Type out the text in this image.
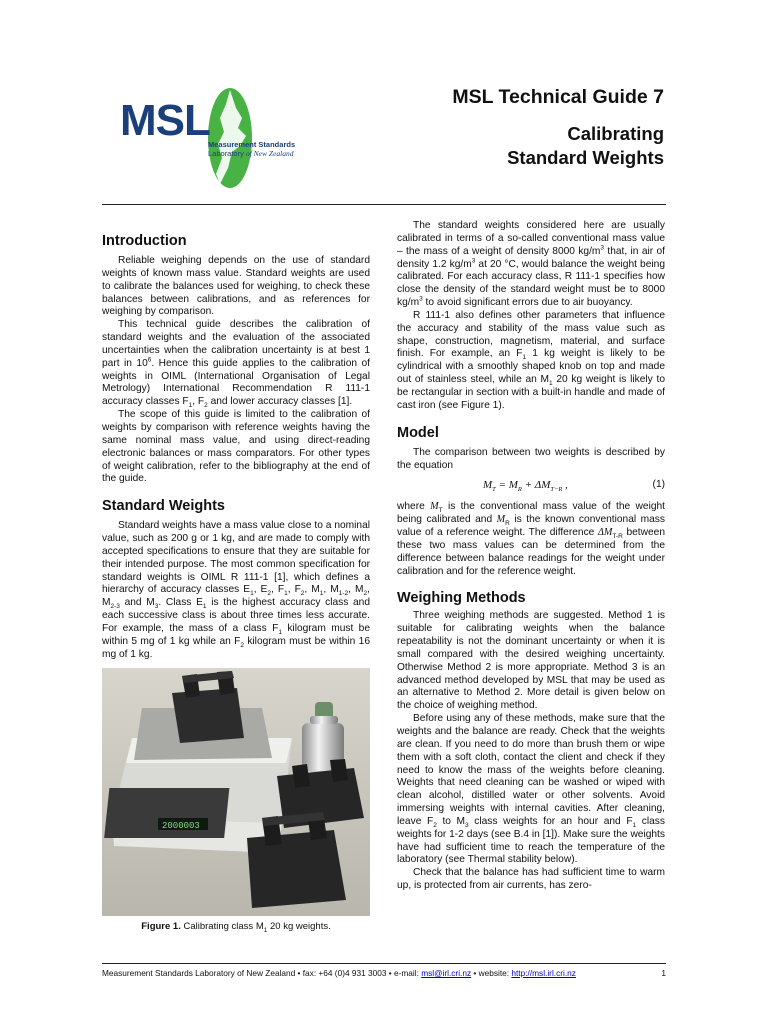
MSL
Measurement Standards
Laboratory of New Zealand
MSL Technical Guide 7
Calibrating
Standard Weights
Introduction

Reliable weighing depends on the use of standard weights of known mass value. Standard weights are used to calibrate the balances used for weighing, to check these balances between calibrations, and as references for weighing by comparison.

This technical guide describes the calibration of standard weights and the evaluation of the associated uncertainties when the calibration uncertainty is at best 1 part in $10^6$. Hence this guide applies to the calibration of weights in OIML (International Organisation of Legal Metrology) International Recommendation R 111-1 accuracy classes $F_1$, $F_2$ and lower accuracy classes [1].

The scope of this guide is limited to the calibration of weights by comparison with reference weights having the same nominal mass value, and using direct-reading electronic balances or mass comparators. For other types of weight calibration, refer to the bibliography at the end of the guide.

Standard Weights

Standard weights have a mass value close to a nominal value, such as 200 g or 1 kg, and are made to comply with accepted specifications to ensure that they are suitable for their intended purpose. The most common specification for standard weights is OIML R 111-1 [1], which defines a hierarchy of accuracy classes $E_1$, $E_2$, $F_1$, $F_2$, $M_1$, $M_{1-2}$, $M_2$, $M_{2-3}$ and $M_3$. Class $E_1$ is the highest accuracy class and each successive class is about three times less accurate. For example, the mass of a class $F_1$ kilogram must be within 5 mg of 1 kg while an $F_2$ kilogram must be within 16 mg of 1 kg.

2000003
Figure 1. Calibrating class $M_1$ 20 kg weights.

The standard weights considered here are usually calibrated in terms of a so-called conventional mass value – the mass of a weight of density 8000 $kg/m^3$ that, in air of density 1.2 $kg/m^3$ at 20 °C, would balance the weight being calibrated. For each accuracy class, R 111-1 specifies how close the density of the standard weight must be to 8000 $kg/m^3$ to avoid significant errors due to air buoyancy.

R 111-1 also defines other parameters that influence the accuracy and stability of the mass value such as shape, construction, magnetism, material, and surface finish. For example, an $F_1$ 1 kg weight is likely to be cylindrical with a smoothly shaped knob on top and made out of stainless steel, while an $M_1$ 20 kg weight is likely to be rectangular in section with a built-in handle and made of cast iron (see Figure 1).

Model

The comparison between two weights is described by the equation

$M_T = M_R + \Delta M_{T-R}$ ,	(1)

where $M_T$ is the conventional mass value of the weight being calibrated and $M_R$ is the known conventional mass value of a reference weight. The difference $\Delta M_{T-R}$ between these two mass values can be determined from the difference between balance readings for the weight under calibration and for the reference weight.

Weighing Methods

Three weighing methods are suggested. Method 1 is suitable for calibrating weights when the balance repeatability is not the dominant uncertainty or when it is small compared with the desired weighing uncertainty. Otherwise Method 2 is more appropriate. Method 3 is an advanced method developed by MSL that may be used as an alternative to Method 2. More detail is given below on the choice of weighing method.

Before using any of these methods, make sure that the weights and the balance are ready. Check that the weights are clean. If you need to do more than brush them or wipe them with a soft cloth, contact the client and check if they need to know the mass of the weights before cleaning. Weights that need cleaning can be washed or wiped with clean alcohol, distilled water or other solvents. Avoid immersing weights with internal cavities. After cleaning, leave $F_2$ to $M_3$ class weights for an hour and $F_1$ class weights for 1-2 days (see B.4 in [1]). Make sure the weights have had sufficient time to reach the temperature of the laboratory (see Thermal stability below).

Check that the balance has had sufficient time to warm up, is protected from air currents, has zero-

Measurement Standards Laboratory of New Zealand • fax: +64 (0)4 931 3003 • e-mail: msl@irl.cri.nz • website: http://msl.irl.cri.nz	1
